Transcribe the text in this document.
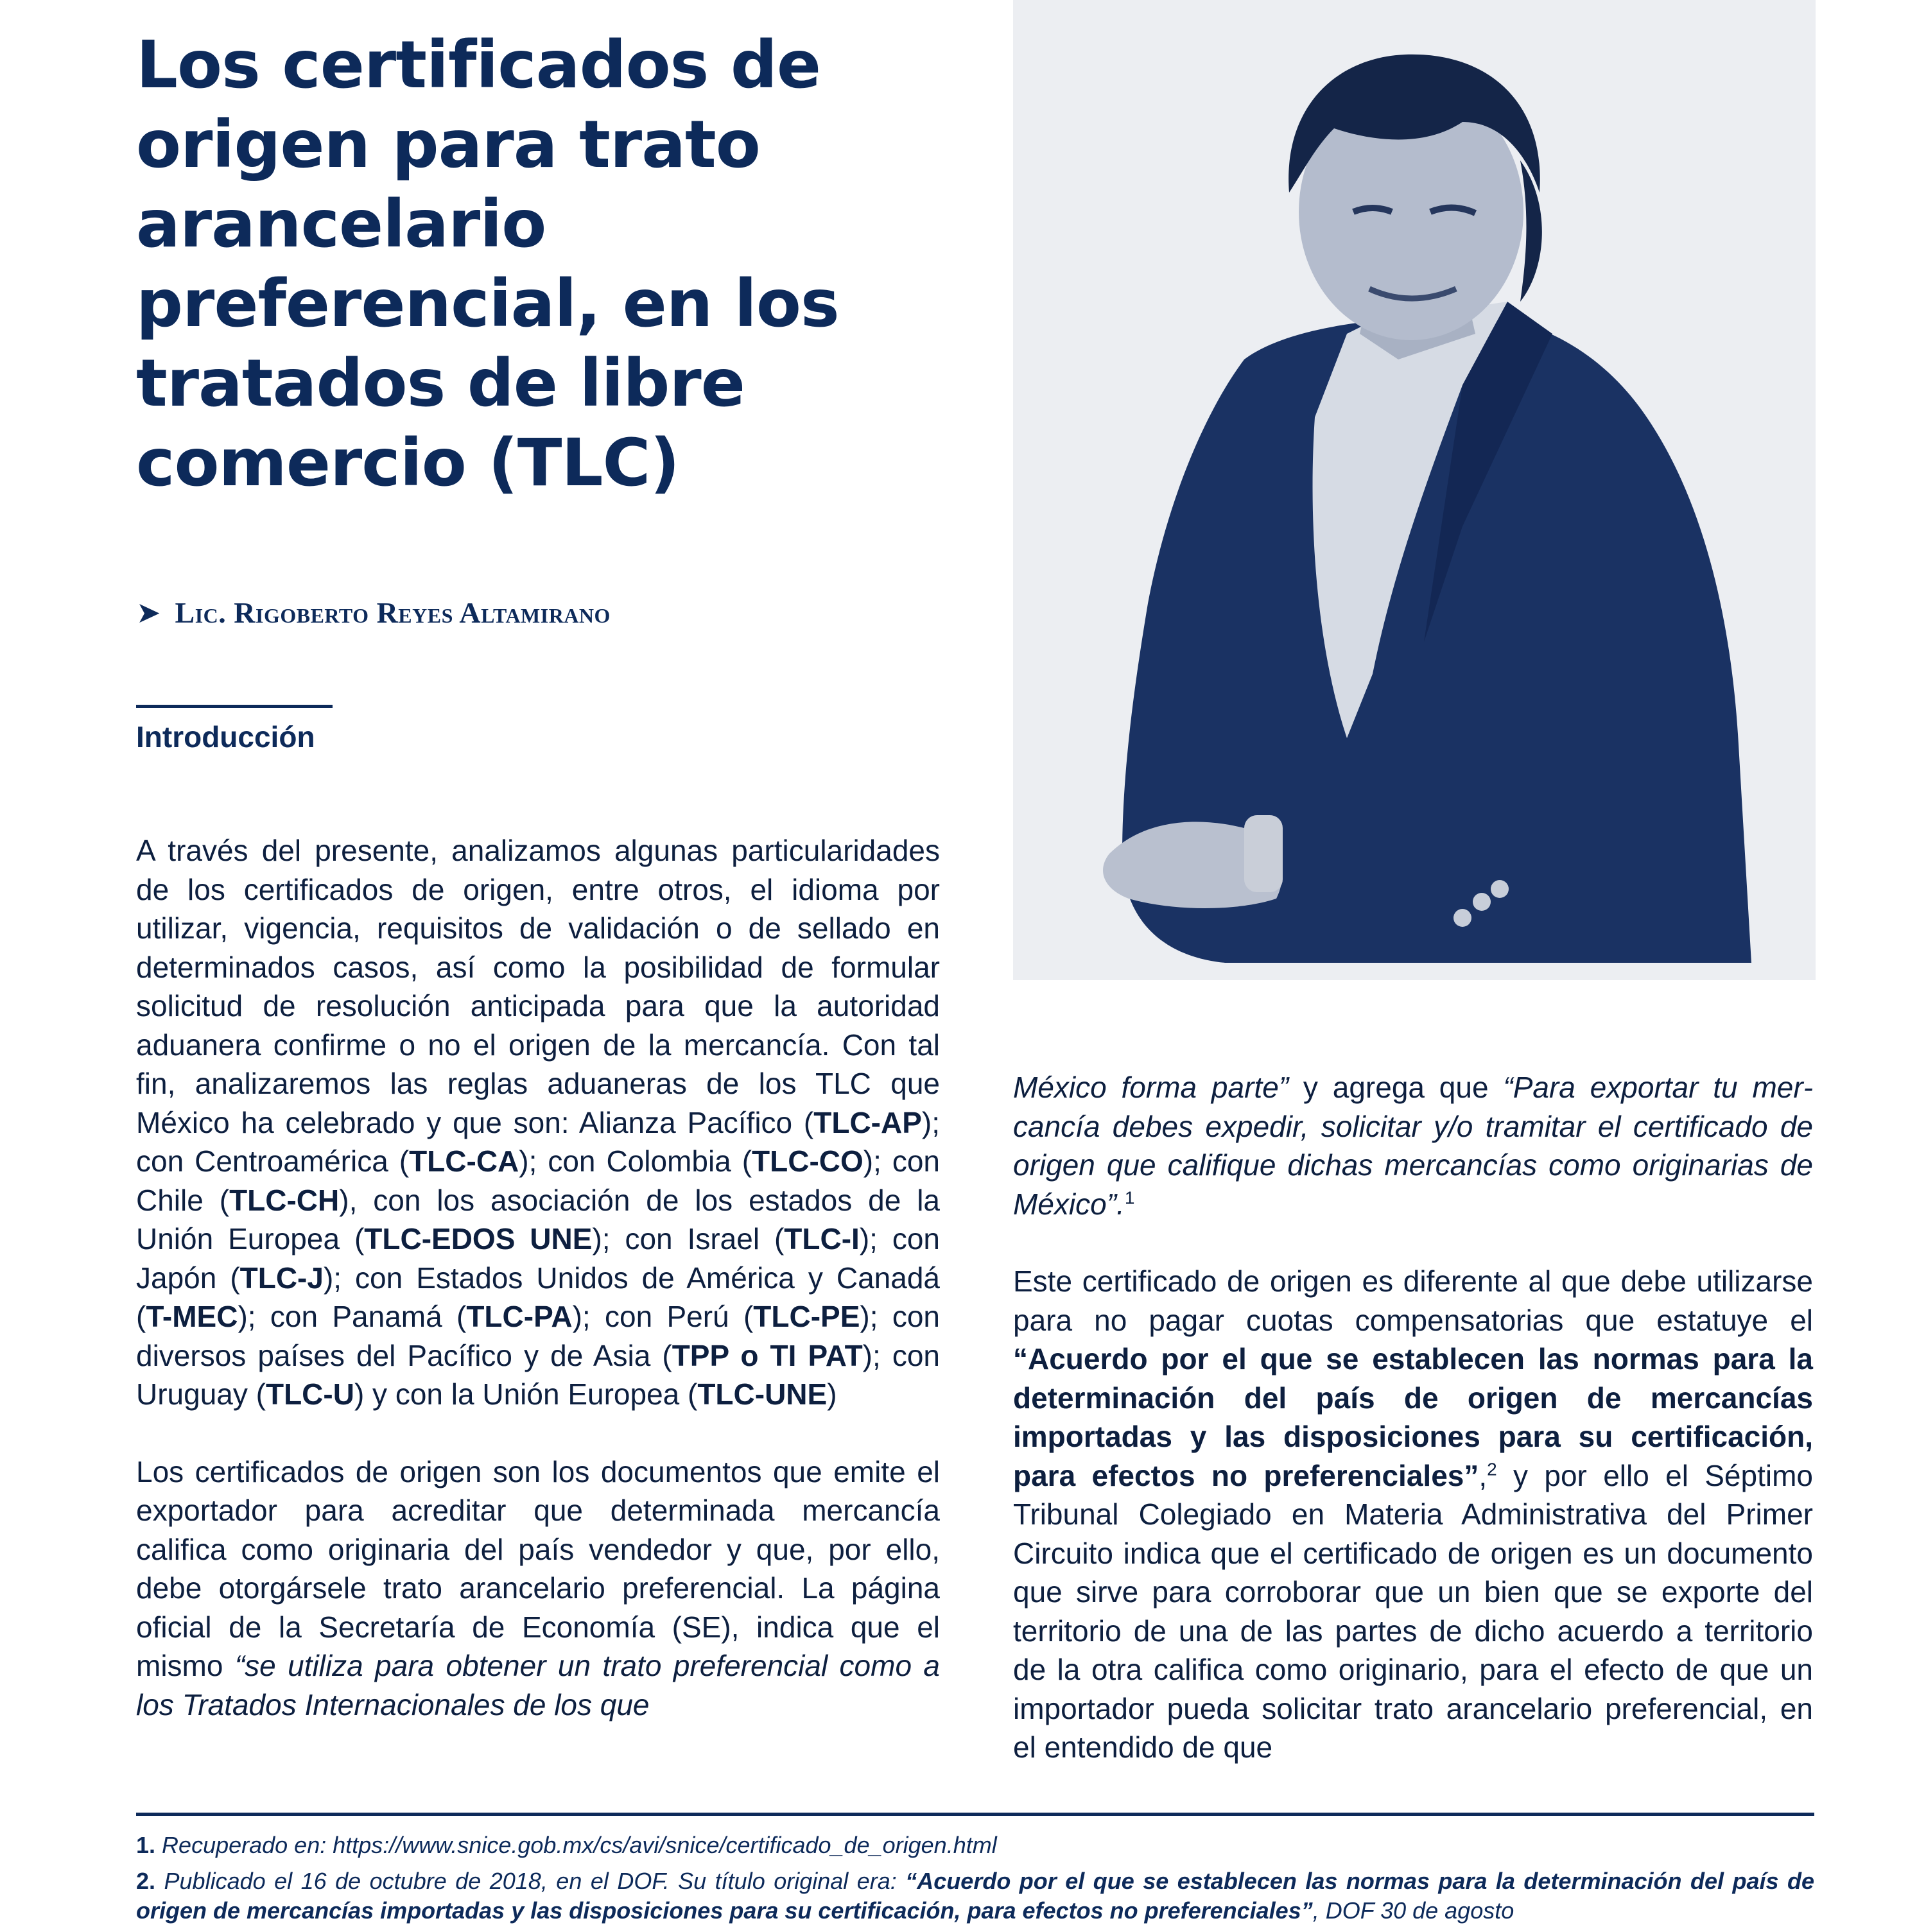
Los certificados de origen para trato arancelario preferencial, en los tratados de libre comercio (TLC)
➤ Lic. Rigoberto Reyes Altamirano
Introducción

A través del presente, analizamos algunas particularidades de los certificados de origen, entre otros, el idioma por utilizar, vigencia, requisitos de validación o de sellado en determinados casos, así como la posibilidad de formular solicitud de resolución anticipada para que la autoridad aduanera confirme o no el origen de la mercancía. Con tal fin, analizaremos las reglas aduaneras de los TLC que México ha celebrado y que son: Alianza Pacífico (TLC-AP); con Centroamérica (TLC-CA); con Colombia (TLC-CO); con Chile (TLC-CH), con los asociación de los estados de la Unión Europea (TLC-EDOS UNE); con Israel (TLC-I); con Japón (TLC-J); con Estados Unidos de América y Canadá (T-MEC); con Panamá (TLC-PA); con Perú (TLC-PE); con diversos países del Pacífico y de Asia (TPP o TI PAT); con Uruguay (TLC-U) y con la Unión Europea (TLC-UNE)

Los certificados de origen son los documentos que emite el exportador para acreditar que determinada mercancía califica como originaria del país vendedor y que, por ello, debe otorgársele trato arancelario preferencial. La página oficial de la Secretaría de Economía (SE), indica que el mismo “se utiliza para obtener un trato preferencial como a los Tratados Internacionales de los que

México forma parte” y agrega que “Para exportar tu mercancía debes expedir, solicitar y/o tramitar el certificado de origen que califique dichas mercancías como originarias de México”.$^1$

Este certificado de origen es diferente al que debe utilizarse para no pagar cuotas compensatorias que estatuye el “Acuerdo por el que se establecen las normas para la determinación del país de origen de mercancías importadas y las disposiciones para su certificación, para efectos no preferenciales”,$^2$ y por ello el Séptimo Tribunal Colegiado en Materia Administrativa del Primer Circuito indica que el certificado de origen es un documento que sirve para corroborar que un bien que se exporte del territorio de una de las partes de dicho acuerdo a territorio de la otra califica como originario, para el efecto de que un importador pueda solicitar trato arancelario preferencial, en el entendido de que

1. Recuperado en: https://www.snice.gob.mx/cs/avi/snice/certificado_de_origen.html

2. Publicado el 16 de octubre de 2018, en el DOF. Su título original era: “Acuerdo por el que se establecen las normas para la determinación del país de origen de mercancías importadas y las disposiciones para su certificación, para efectos no preferenciales”, DOF 30 de agosto
